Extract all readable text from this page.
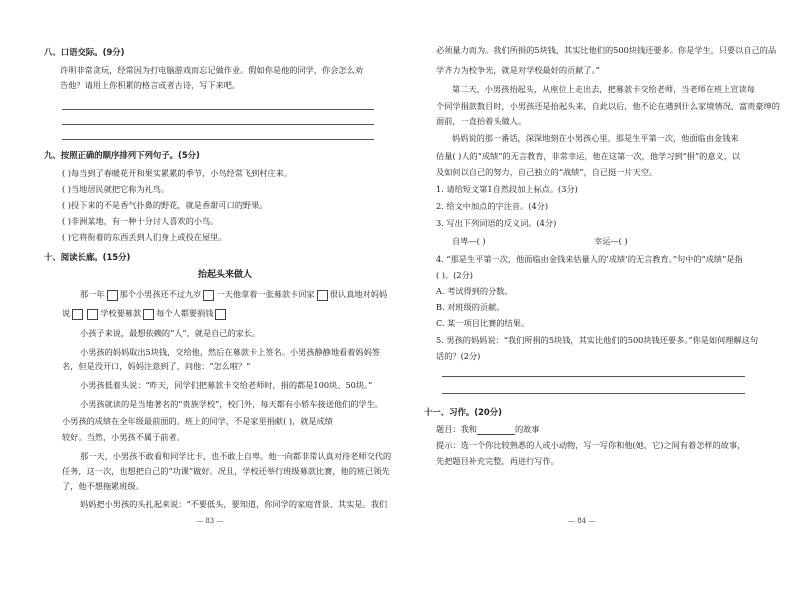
八、口语交际。(9分)
许明非常贪玩，经常因为打电脑游戏而忘记做作业。假如你是他的同学，你会怎么劝
告他？请用上你积累的格言或者古诗，写下来吧。
九、按照正确的顺序排列下列句子。(5分)
( )每当到了春暖花开和果实累累的季节，小鸟经常飞到村庄来。
( )当地居民就把它称为礼鸟。
( )投下来的不是香气扑鼻的野花，就是香甜可口的野果。
( )非洲某地，有一种十分讨人喜欢的小鸟。
( )它将衔着的东西丢到人们身上或投在屋里。
十、阅读长廊。(15分)
抬起头来做人
那一年 那个小男孩还不过九岁 一天他拿着一张募款卡回家 很认真地对妈妈
说	学校要募款 每个人都要捐钱
小孩子来说，最想依赖的“人”，就是自己的家长。
小男孩的妈妈取出5块钱，交给他，然后在募款卡上签名。小男孩静静地看着妈妈签
名，但是没开口，妈妈注意到了，问他：“怎么啦？”
小男孩低着头说：“昨天，同学们把募款卡交给老师时，捐的都是100块、50块。”
小男孩就读的是当地著名的“贵族学校”，校门外，每天都有小轿车接送他们的学生。
小男孩的成绩在全年级最前面的。班上的同学，不是家里捐献( )，就是成绩
较好。当然，小男孩不属于前者。
那一天，小男孩不敢看和同学比卡，也不敢上自卑。他一向都非常认真对待老师交代的
任务，这一次，也想把自己的“功课”做好。况且，学校还举行班级募款比赛，他的班已领先
了，他不想拖累班级。
妈妈把小男孩的头扎起来说：“不要低头，要知道，你同学的家庭背景、其实是。我们
— 83 —
必须量力而为。我们所捐的5块钱，其实比他们的500块钱还要多。你是学生，只要以自己的品
学齐力为校争光，就是对学校最好的贡献了。”
第二天，小男孩抬起头，从座位上走出去，把募款卡交给老师，当老师在班上宣读每
个同学捐款数目时，小男孩还是抬起头来，自此以后，他不论在遇到什么家境情况、富贵豪绅的
面前，一直抬着头做人。
妈妈说的那一番话，深深地刻在小男孩心里，那是生平第一次，他面临由金钱来
估量( )人的“成绩”的无言教育，非常幸运，他在这第一次，他学习到“捐”的意义，以
及如何以自己的努力，自己独立的“战绩”，自已挺一片天空。
1. 请给短文第1自然段加上标点。(3分)
2. 给文中加点的字注音。(4分)
3. 写出下列词语的反义词。(4分)
自卑—( )	幸运—( )
4. “那是生平第一次，他面临由金钱来估量人的‘成绩’的无言教育。”句中的“成绩”是指
( )。(2分)
A. 考试得到的分数。
B. 对班级的贡献。
C. 某一项目比赛的结果。
5. 男孩的妈妈说：“我们所捐的5块钱，其实比他们的500块钱还要多。”你是如何理解这句
话的？(2分)
十一、习作。(20分)
题目：我和	的故事
提示：选一个你比较熟悉的人或小动物，写一写你和他(她、它)之间有着怎样的故事，
先把题目补充完整，再进行写作。
— 84 —
